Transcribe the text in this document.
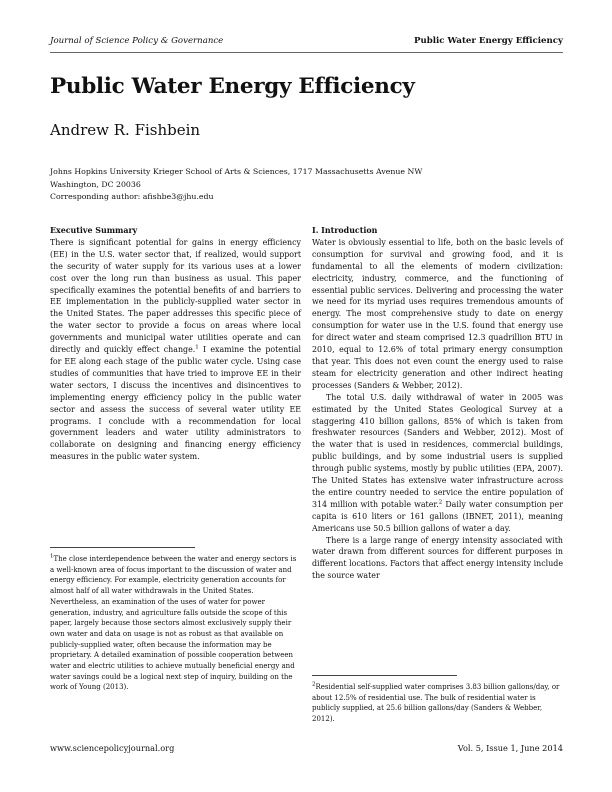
Journal of Science Policy & Governance	Public Water Energy Efficiency
Public Water Energy Efficiency
Andrew R. Fishbein
Johns Hopkins University Krieger School of Arts & Sciences, 1717 Massachusetts Avenue NW
Washington, DC 20036
Corresponding author: afishbe3@jhu.edu

Executive Summary

There is significant potential for gains in energy efficiency (EE) in the U.S. water sector that, if realized, would support the security of water supply for its various uses at a lower cost over the long run than business as usual. This paper specifically examines the potential benefits of and barriers to EE implementation in the publicly-supplied water sector in the United States. The paper addresses this specific piece of the water sector to provide a focus on areas where local governments and municipal water utilities operate and can directly and quickly effect change.$^1$ I examine the potential for EE along each stage of the public water cycle. Using case studies of communities that have tried to improve EE in their water sectors, I discuss the incentives and disincentives to implementing energy efficiency policy in the public water sector and assess the success of several water utility EE programs. I conclude with a recommendation for local government leaders and water utility administrators to collaborate on designing and financing energy efficiency measures in the public water system.

I. Introduction

Water is obviously essential to life, both on the basic levels of consumption for survival and growing food, and it is fundamental to all the elements of modern civilization: electricity, industry, commerce, and the functioning of essential public services. Delivering and processing the water we need for its myriad uses requires tremendous amounts of energy. The most comprehensive study to date on energy consumption for water use in the U.S. found that energy use for direct water and steam comprised 12.3 quadrillion BTU in 2010, equal to 12.6% of total primary energy consumption that year. This does not even count the energy used to raise steam for electricity generation and other indirect heating processes (Sanders & Webber, 2012).

The total U.S. daily withdrawal of water in 2005 was estimated by the United States Geological Survey at a staggering 410 billion gallons, 85% of which is taken from freshwater resources (Sanders and Webber, 2012). Most of the water that is used in residences, commercial buildings, public buildings, and by some industrial users is supplied through public systems, mostly by public utilities (EPA, 2007). The United States has extensive water infrastructure across the entire country needed to service the entire population of 314 million with potable water.$^2$ Daily water consumption per capita is 610 liters or 161 gallons (IBNET, 2011), meaning Americans use 50.5 billion gallons of water a day.

There is a large range of energy intensity associated with water drawn from different sources for different purposes in different locations. Factors that affect energy intensity include the source water

$^1$The close interdependence between the water and energy sectors is a well-known area of focus important to the discussion of water and energy efficiency. For example, electricity generation accounts for almost half of all water withdrawals in the United States. Nevertheless, an examination of the uses of water for power generation, industry, and agriculture falls outside the scope of this paper, largely because those sectors almost exclusively supply their own water and data on usage is not as robust as that available on publicly-supplied water, often because the information may be proprietary. A detailed examination of possible cooperation between water and electric utilities to achieve mutually beneficial energy and water savings could be a logical next step of inquiry, building on the work of Young (2013).	$^2$Residential self-supplied water comprises 3.83 billion gallons/day, or about 12.5% of residential use. The bulk of residential water is publicly supplied, at 25.6 billion gallons/day (Sanders & Webber, 2012).
www.sciencepolicyjournal.org	Vol. 5, Issue 1, June 2014
